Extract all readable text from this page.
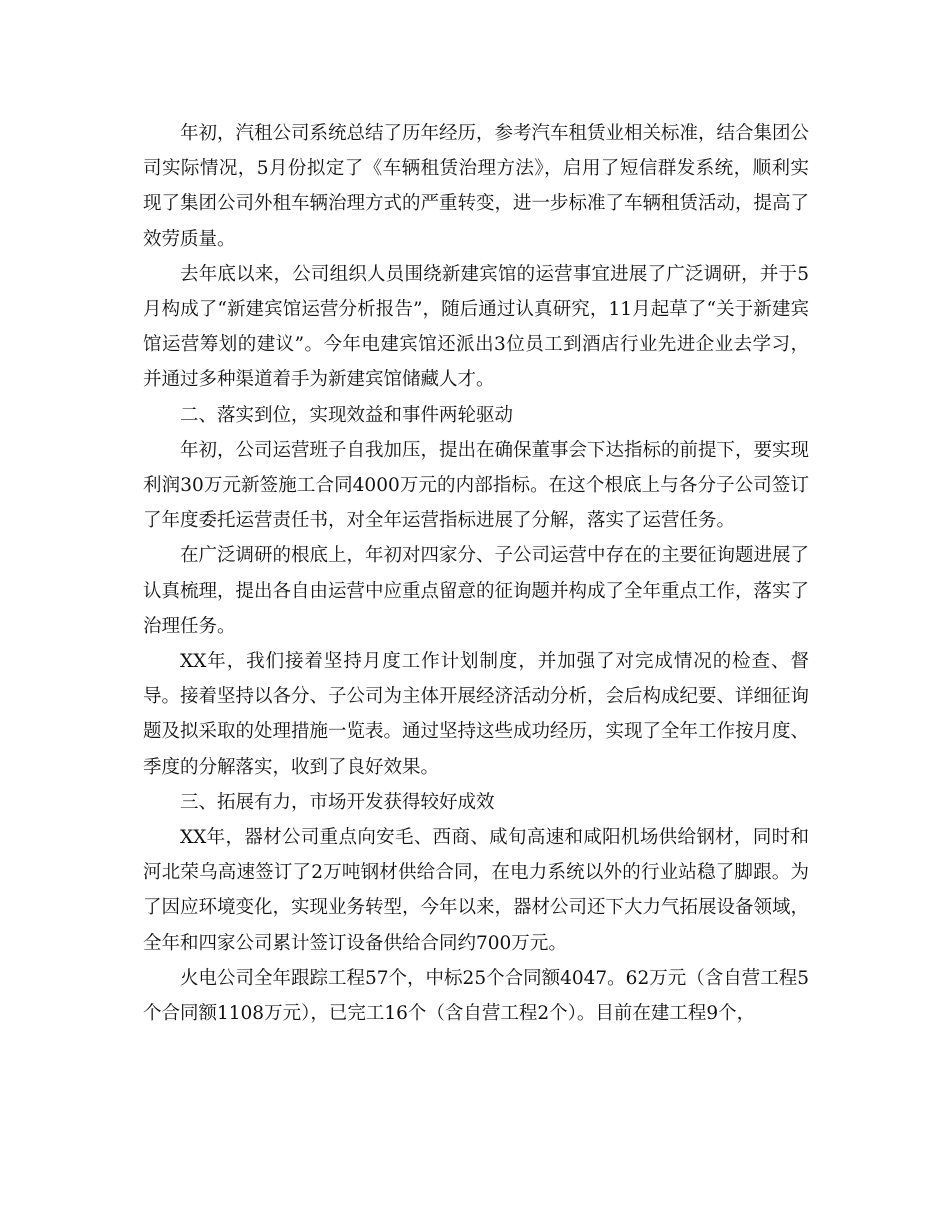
年初，汽租公司系统总结了历年经历，参考汽车租赁业相关标准，结合集团公司实际情况，5月份拟定了《车辆租赁治理方法》，启用了短信群发系统，顺利实现了集团公司外租车辆治理方式的严重转变，进一步标准了车辆租赁活动，提高了效劳质量。

去年底以来，公司组织人员围绕新建宾馆的运营事宜进展了广泛调研，并于5月构成了“新建宾馆运营分析报告”，随后通过认真研究，11月起草了“关于新建宾馆运营筹划的建议”。今年电建宾馆还派出3位员工到酒店行业先进企业去学习，并通过多种渠道着手为新建宾馆储藏人才。

二、落实到位，实现效益和事件两轮驱动

年初，公司运营班子自我加压，提出在确保董事会下达指标的前提下，要实现利润30万元新签施工合同4000万元的内部指标。在这个根底上与各分子公司签订了年度委托运营责任书，对全年运营指标进展了分解，落实了运营任务。

在广泛调研的根底上，年初对四家分、子公司运营中存在的主要征询题进展了认真梳理，提出各自由运营中应重点留意的征询题并构成了全年重点工作，落实了治理任务。

XX年，我们接着坚持月度工作计划制度，并加强了对完成情况的检查、督导。接着坚持以各分、子公司为主体开展经济活动分析，会后构成纪要、详细征询题及拟采取的处理措施一览表。通过坚持这些成功经历，实现了全年工作按月度、季度的分解落实，收到了良好效果。

三、拓展有力，市场开发获得较好成效

XX年，器材公司重点向安毛、西商、咸旬高速和咸阳机场供给钢材，同时和河北荣乌高速签订了2万吨钢材供给合同，在电力系统以外的行业站稳了脚跟。为了因应环境变化，实现业务转型，今年以来，器材公司还下大力气拓展设备领域，全年和四家公司累计签订设备供给合同约700万元。

火电公司全年跟踪工程57个，中标25个合同额4047。62万元（含自营工程5个合同额1108万元），已完工16个（含自营工程2个）。目前在建工程9个，
